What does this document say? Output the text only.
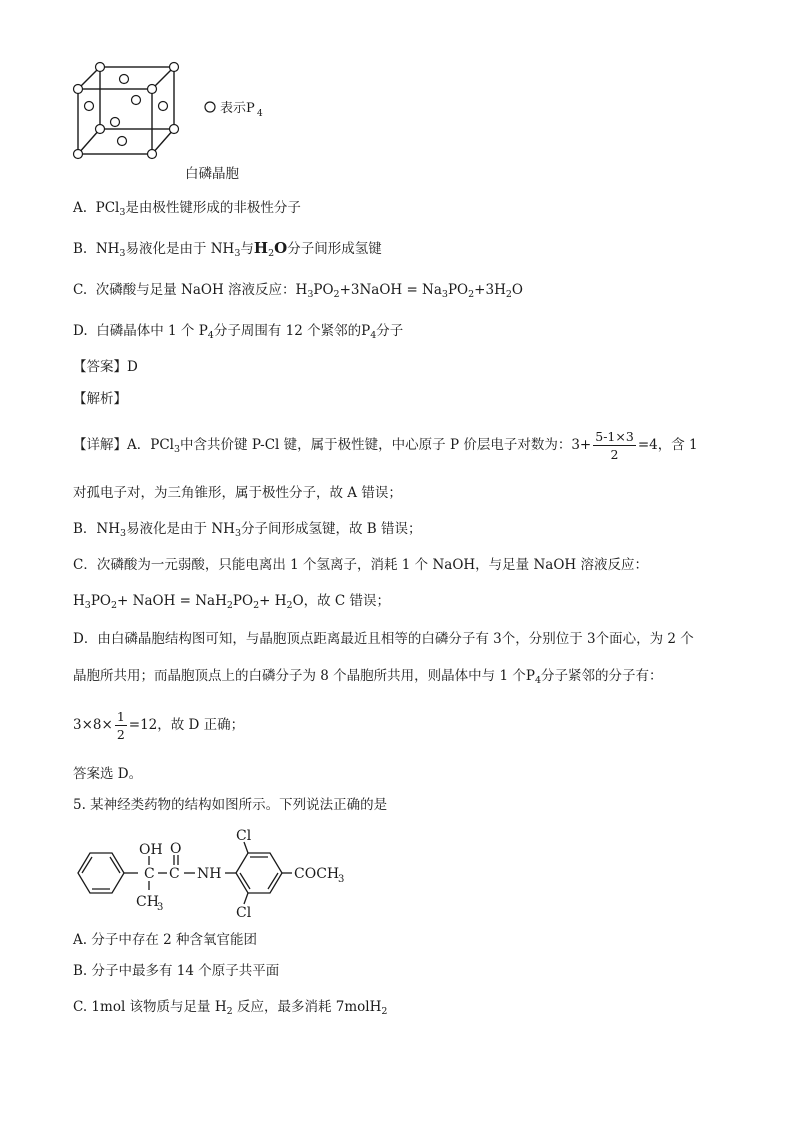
表示P 4
白磷晶胞
A. PCl$_3$是由极性键形成的非极性分子
B. $NH_3$易液化是由于 $NH_3$与$H_2O$分子间形成氢键
C. 次磷酸与足量 NaOH 溶液反应：$H_3PO_2+3NaOH = Na_3PO_2+3H_2O$
D. 白磷晶体中 1 个 $P_4$分子周围有 12 个紧邻的$P_4$分子
【答案】D
【解析】
【详解】A．PCl$_3$中含共价键 P-Cl 键，属于极性键，中心原子 P 价层电子对数为：$3+ \frac{5-1\times 3}{2} =4$，含 1
对孤电子对，为三角锥形，属于极性分子，故 A 错误；
B．$NH_3$易液化是由于 $NH_3$分子间形成氢键，故 B 错误；
C．次磷酸为一元弱酸，只能电离出 1 个氢离子，消耗 1 个 NaOH，与足量 NaOH 溶液反应：
$H_3PO_2+$ NaOH = $NaH_2PO_2+ H_2O$，故 C 错误；
D．由白磷晶胞结构图可知，与晶胞顶点距离最近且相等的白磷分子有 3个，分别位于 3个面心，为 2 个
晶胞所共用；而晶胞顶点上的白磷分子为 8 个晶胞所共用，则晶体中与 1 个$P_4$分子紧邻的分子有：
$3\times 8\times \frac{1}{2} =12$，故 D 正确；
答案选 D。
5. 某神经类药物的结构如图所示。下列说法正确的是
OH O
C C NH
Cl
Cl
COCH
3
CH
3
A. 分子中存在 2 种含氧官能团
B. 分子中最多有 14 个原子共平面
C. 1mol 该物质与足量 $H_2$ 反应，最多消耗 7molH$_2$
